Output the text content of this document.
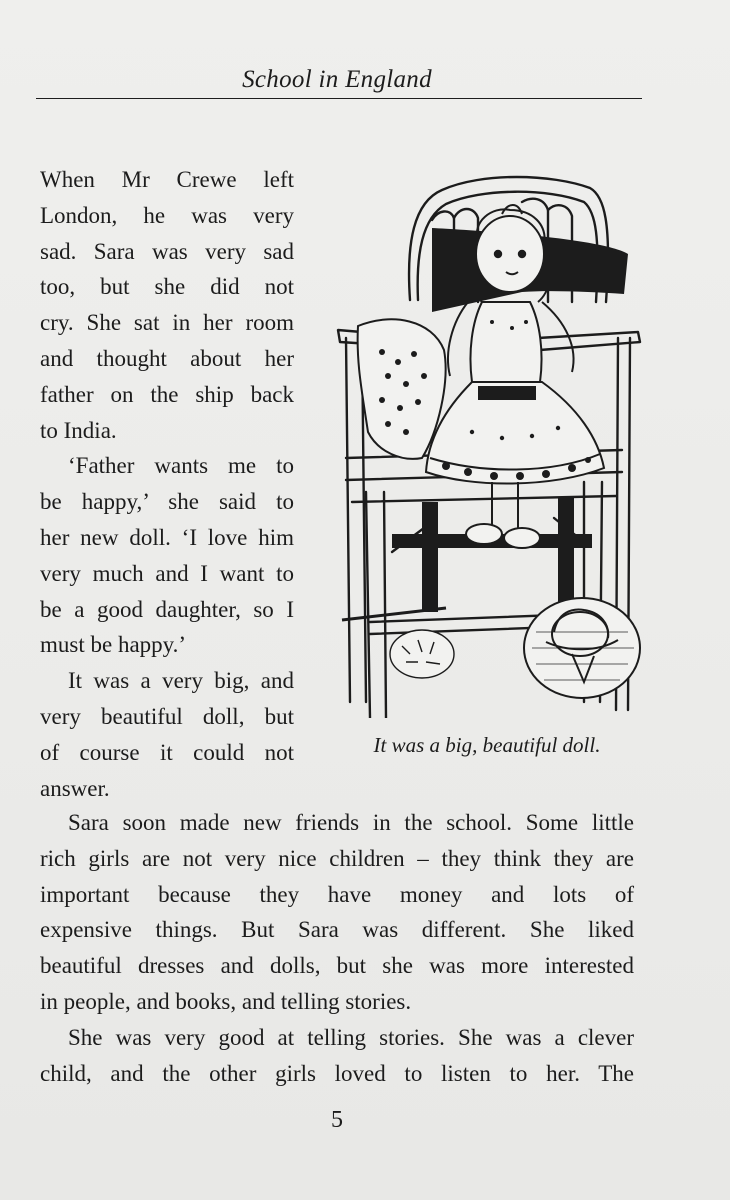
School in England
When Mr Crewe left
London, he was very
sad. Sara was very sad
too, but she did not
cry. She sat in her room
and thought about her
father on the ship back
to India.
‘Father wants me to
be happy,’ she said to
her new doll. ‘I love him
very much and I want to
be a good daughter, so I
must be happy.’
It was a very big, and
very beautiful doll, but
of course it could not
answer.
It was a big, beautiful doll.
Sara soon made new friends in the school. Some little
rich girls are not very nice children – they think they are
important because they have money and lots of
expensive things. But Sara was different. She liked
beautiful dresses and dolls, but she was more interested
in people, and books, and telling stories.
She was very good at telling stories. She was a clever
child, and the other girls loved to listen to her. The
5
